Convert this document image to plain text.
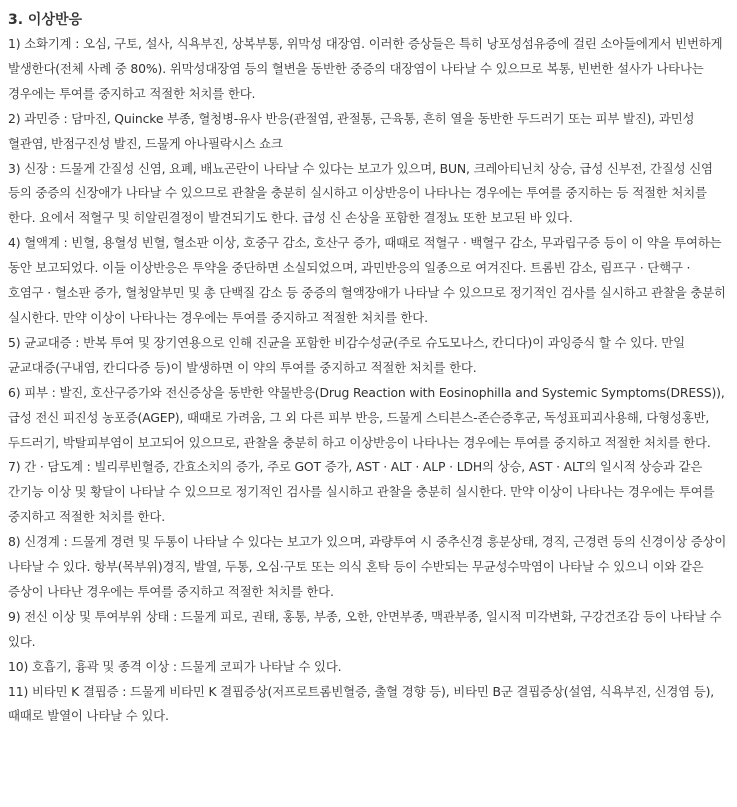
3. 이상반응

1) 소화기계 : 오심, 구토, 설사, 식욕부진, 상복부통, 위막성 대장염. 이러한 증상들은 특히 낭포성섬유증에 걸린 소아들에게서 빈번하게 발생한다(전체 사례 중 80%). 위막성대장염 등의 혈변을 동반한 중증의 대장염이 나타날 수 있으므로 복통, 빈번한 설사가 나타나는 경우에는 투여를 중지하고 적절한 처치를 한다.

2) 과민증 : 담마진, Quincke 부종, 혈청병-유사 반응(관절염, 관절통, 근육통, 흔히 열을 동반한 두드러기 또는 피부 발진), 과민성 혈관염, 반점구진성 발진, 드물게 아나필락시스 쇼크

3) 신장 : 드물게 간질성 신염, 요폐, 배뇨곤란이 나타날 수 있다는 보고가 있으며, BUN, 크레아티닌치 상승, 급성 신부전, 간질성 신염 등의 중증의 신장애가 나타날 수 있으므로 관찰을 충분히 실시하고 이상반응이 나타나는 경우에는 투여를 중지하는 등 적절한 처치를 한다. 요에서 적혈구 및 히알린결정이 발견되기도 한다. 급성 신 손상을 포함한 결정뇨 또한 보고된 바 있다.

4) 혈액계 : 빈혈, 용혈성 빈혈, 혈소판 이상, 호중구 감소, 호산구 증가, 때때로 적혈구 · 백혈구 감소, 무과립구증 등이 이 약을 투여하는 동안 보고되었다. 이들 이상반응은 투약을 중단하면 소실되었으며, 과민반응의 일종으로 여겨진다. 트롬빈 감소, 림프구 · 단핵구 · 호염구 · 혈소판 증가, 혈청알부민 및 총 단백질 감소 등 중증의 혈액장애가 나타날 수 있으므로 정기적인 검사를 실시하고 관찰을 충분히 실시한다. 만약 이상이 나타나는 경우에는 투여를 중지하고 적절한 처치를 한다.

5) 균교대증 : 반복 투여 및 장기연용으로 인해 진균을 포함한 비감수성균(주로 슈도모나스, 칸디다)이 과잉증식 할 수 있다. 만일 균교대증(구내염, 칸디다증 등)이 발생하면 이 약의 투여를 중지하고 적절한 처치를 한다.

6) 피부 : 발진, 호산구증가와 전신증상을 동반한 약물반응(Drug Reaction with Eosinophilla and Systemic Symptoms(DRESS)), 급성 전신 피진성 농포증(AGEP), 때때로 가려움, 그 외 다른 피부 반응, 드물게 스티븐스-존슨증후군, 독성표피괴사용해, 다형성홍반, 두드러기, 박탈피부염이 보고되어 있으므로, 관찰을 충분히 하고 이상반응이 나타나는 경우에는 투여를 중지하고 적절한 처치를 한다.

7) 간 · 담도계 : 빌리루빈혈증, 간효소치의 증가, 주로 GOT 증가, AST · ALT · ALP · LDH의 상승, AST · ALT의 일시적 상승과 같은 간기능 이상 및 황달이 나타날 수 있으므로 정기적인 검사를 실시하고 관찰을 충분히 실시한다. 만약 이상이 나타나는 경우에는 투여를 중지하고 적절한 처치를 한다.

8) 신경계 : 드물게 경련 및 두통이 나타날 수 있다는 보고가 있으며, 과량투여 시 중추신경 흥분상태, 경직, 근경련 등의 신경이상 증상이 나타날 수 있다. 항부(목부위)경직, 발열, 두통, 오심·구토 또는 의식 혼탁 등이 수반되는 무균성수막염이 나타날 수 있으니 이와 같은 증상이 나타난 경우에는 투여를 중지하고 적절한 처치를 한다.

9) 전신 이상 및 투여부위 상태 : 드물게 피로, 권태, 홍통, 부종, 오한, 안면부종, 맥관부종, 일시적 미각변화, 구강건조감 등이 나타날 수 있다.

10) 호흡기, 흉곽 및 종격 이상 : 드물게 코피가 나타날 수 있다.

11) 비타민 K 결핍증 : 드물게 비타민 K 결핍증상(저프로트롬빈혈증, 출혈 경향 등), 비타민 B군 결핍증상(설염, 식욕부진, 신경염 등), 때때로 발열이 나타날 수 있다.
